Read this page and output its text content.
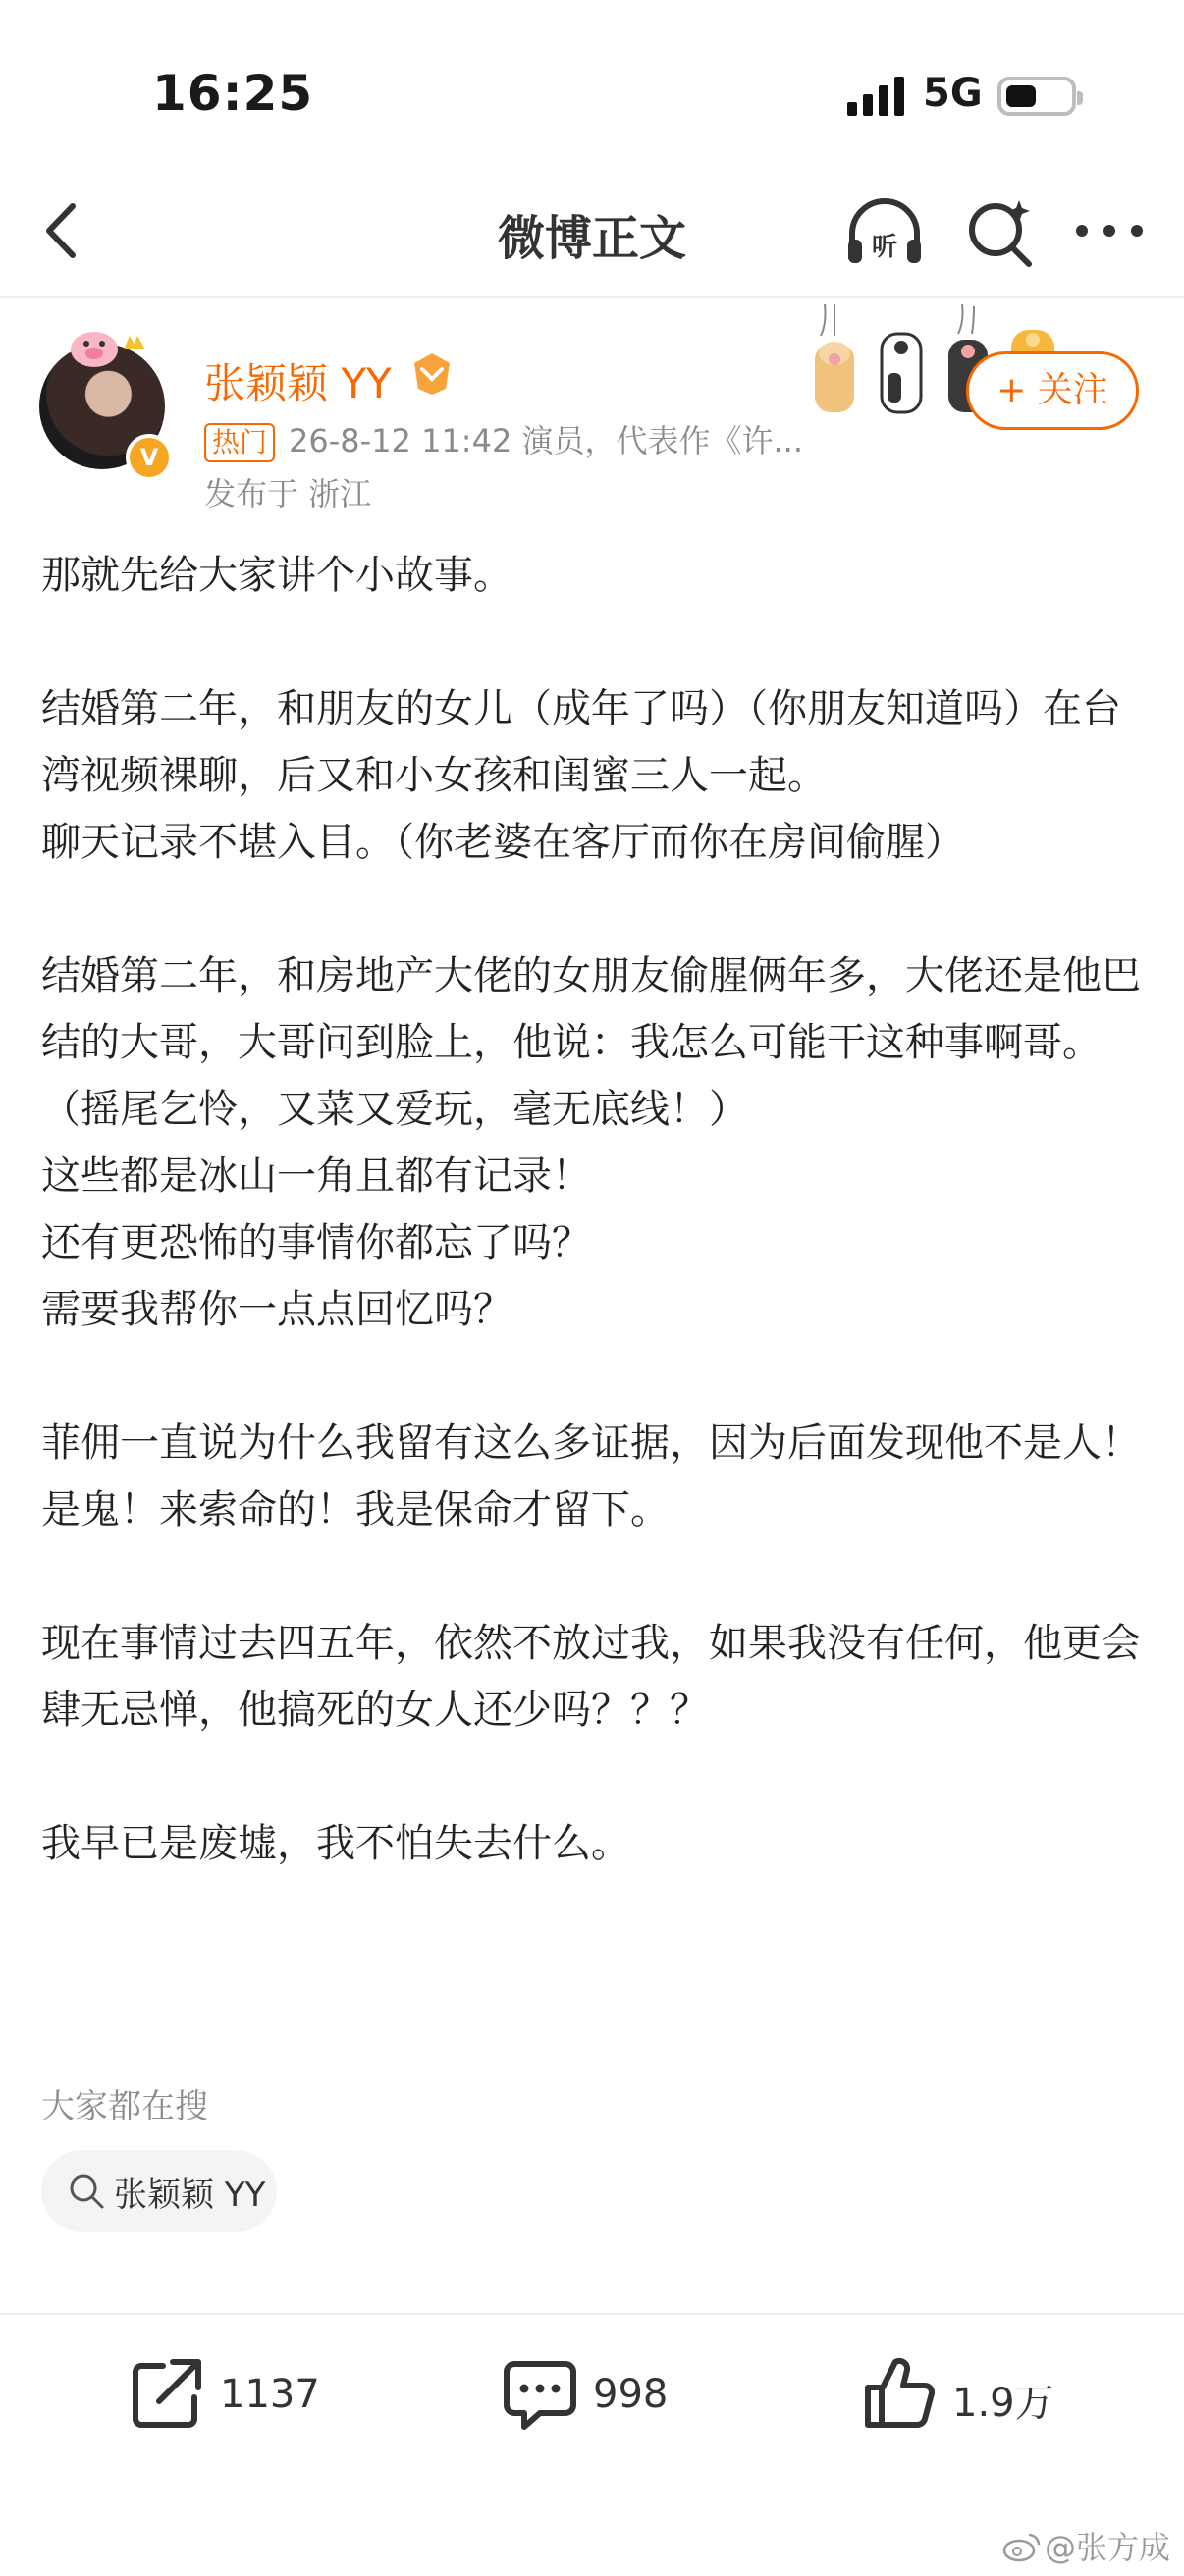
16:25	5G
微博正文	听
V
张颖颖 YY
热门 26-8-12 11:42 演员，代表作《许...
发布于 浙江
+ 关注

那就先给大家讲个小故事。

结婚第二年，和朋友的女儿（成年了吗）（你朋友知道吗）在台湾视频裸聊，后又和小女孩和闺蜜三人一起。

聊天记录不堪入目。（你老婆在客厅而你在房间偷腥）

结婚第二年，和房地产大佬的女朋友偷腥俩年多，大佬还是他巴结的大哥，大哥问到脸上，他说：我怎么可能干这种事啊哥。（摇尾乞怜，又菜又爱玩，毫无底线！）

这些都是冰山一角且都有记录！

还有更恐怖的事情你都忘了吗？

需要我帮你一点点回忆吗？

菲佣一直说为什么我留有这么多证据，因为后面发现他不是人！是鬼！来索命的！我是保命才留下。

现在事情过去四五年，依然不放过我，如果我没有任何，他更会肆无忌惮，他搞死的女人还少吗？？？

我早已是废墟，我不怕失去什么。

大家都在搜
张颖颖 YY
1137	998	1.9万
@张方成
